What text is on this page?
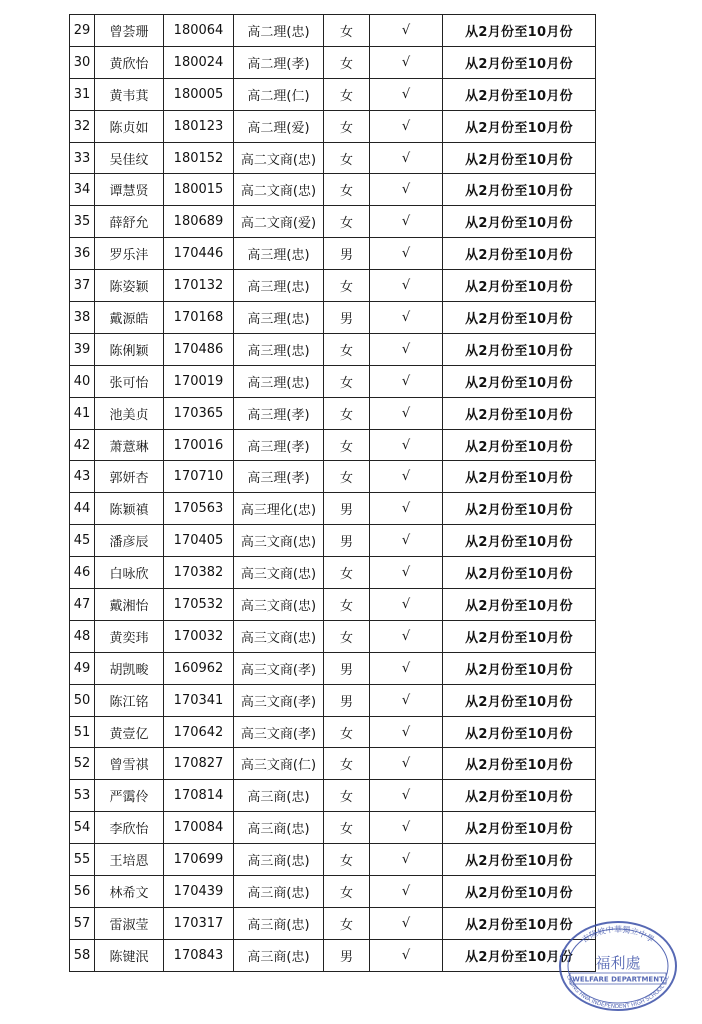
29	曾荟珊	180064	高二理(忠)	女	√	从2月份至10月份
30	黄欣怡	180024	高二理(孝)	女	√	从2月份至10月份
31	黄韦萁	180005	高二理(仁)	女	√	从2月份至10月份
32	陈贞如	180123	高二理(爱)	女	√	从2月份至10月份
33	吴佳纹	180152	高二文商(忠)	女	√	从2月份至10月份
34	谭慧贤	180015	高二文商(忠)	女	√	从2月份至10月份
35	薛舒允	180689	高二文商(爱)	女	√	从2月份至10月份
36	罗乐沣	170446	高三理(忠)	男	√	从2月份至10月份
37	陈姿颖	170132	高三理(忠)	女	√	从2月份至10月份
38	戴源皓	170168	高三理(忠)	男	√	从2月份至10月份
39	陈俐颖	170486	高三理(忠)	女	√	从2月份至10月份
40	张可怡	170019	高三理(忠)	女	√	从2月份至10月份
41	池美贞	170365	高三理(孝)	女	√	从2月份至10月份
42	萧薏琳	170016	高三理(孝)	女	√	从2月份至10月份
43	郭妍杏	170710	高三理(孝)	女	√	从2月份至10月份
44	陈颖禛	170563	高三理化(忠)	男	√	从2月份至10月份
45	潘彦辰	170405	高三文商(忠)	男	√	从2月份至10月份
46	白咏欣	170382	高三文商(忠)	女	√	从2月份至10月份
47	戴湘怡	170532	高三文商(忠)	女	√	从2月份至10月份
48	黄奕玮	170032	高三文商(忠)	女	√	从2月份至10月份
49	胡凯畯	160962	高三文商(孝)	男	√	从2月份至10月份
50	陈江铭	170341	高三文商(孝)	男	√	从2月份至10月份
51	黄壹亿	170642	高三文商(孝)	女	√	从2月份至10月份
52	曾雪祺	170827	高三文商(仁)	女	√	从2月份至10月份
53	严霭伶	170814	高三商(忠)	女	√	从2月份至10月份
54	李欣怡	170084	高三商(忠)	女	√	从2月份至10月份
55	王培恩	170699	高三商(忠)	女	√	从2月份至10月份
56	林希文	170439	高三商(忠)	女	√	从2月份至10月份
57	雷淑莹	170317	高三商(忠)	女	√	从2月份至10月份
58	陈键泯	170843	高三商(忠)	男	√	从2月份至10月份
吉隆坡中華獨立中學
福利處
WELFARE DEPARTMENT
CHONG HWA INDEPENDENT HIGH SCHOOL K.L.
